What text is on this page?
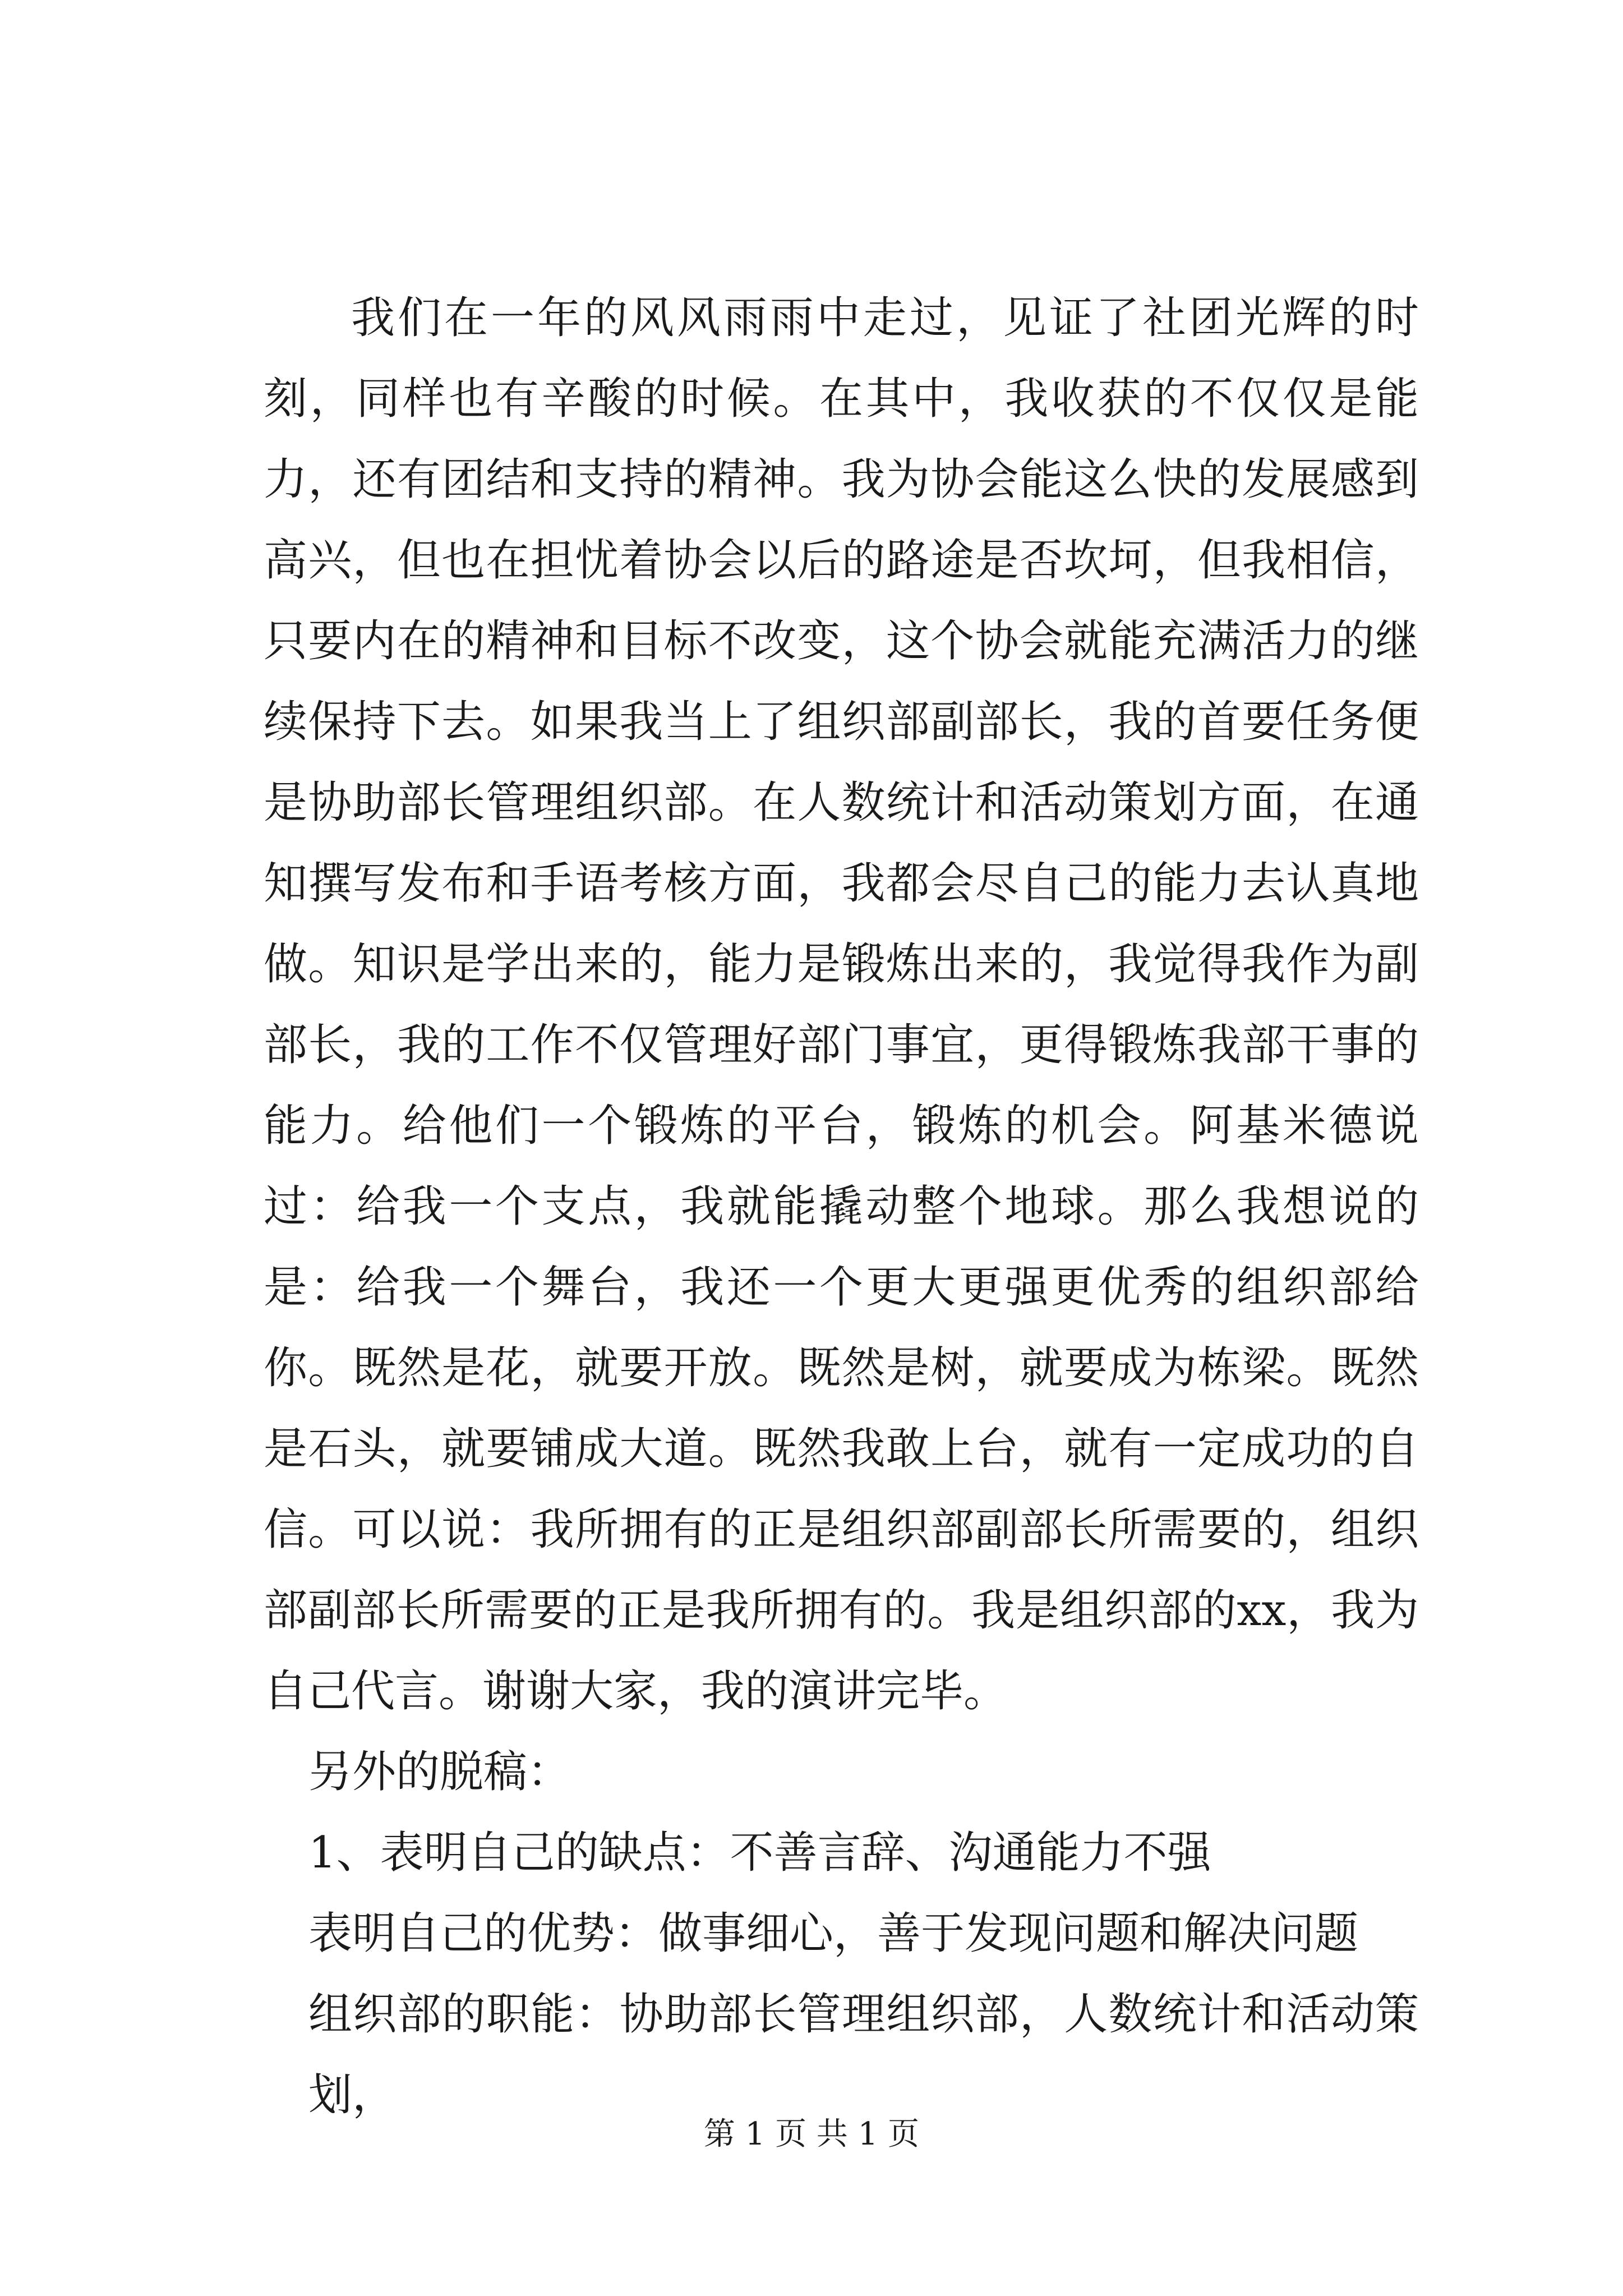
我们在一年的风风雨雨中走过，见证了社团光辉的时刻，同样也有辛酸的时候。在其中，我收获的不仅仅是能力，还有团结和支持的精神。我为协会能这么快的发展感到高兴，但也在担忧着协会以后的路途是否坎坷，但我相信，只要内在的精神和目标不改变，这个协会就能充满活力的继续保持下去。如果我当上了组织部副部长，我的首要任务便是协助部长管理组织部。在人数统计和活动策划方面，在通知撰写发布和手语考核方面，我都会尽自己的能力去认真地做。知识是学出来的，能力是锻炼出来的，我觉得我作为副部长，我的工作不仅管理好部门事宜，更得锻炼我部干事的能力。给他们一个锻炼的平台，锻炼的机会。阿基米德说过：给我一个支点，我就能撬动整个地球。那么我想说的是：给我一个舞台，我还一个更大更强更优秀的组织部给你。既然是花，就要开放。既然是树，就要成为栋梁。既然是石头，就要铺成大道。既然我敢上台，就有一定成功的自信。可以说：我所拥有的正是组织部副部长所需要的，组织部副部长所需要的正是我所拥有的。我是组织部的xx，我为自己代言。谢谢大家，我的演讲完毕。

另外的脱稿：

1、表明自己的缺点：不善言辞、沟通能力不强

表明自己的优势：做事细心，善于发现问题和解决问题

组织部的职能：协助部长管理组织部，人数统计和活动策划，

第 1 页 共 1 页
